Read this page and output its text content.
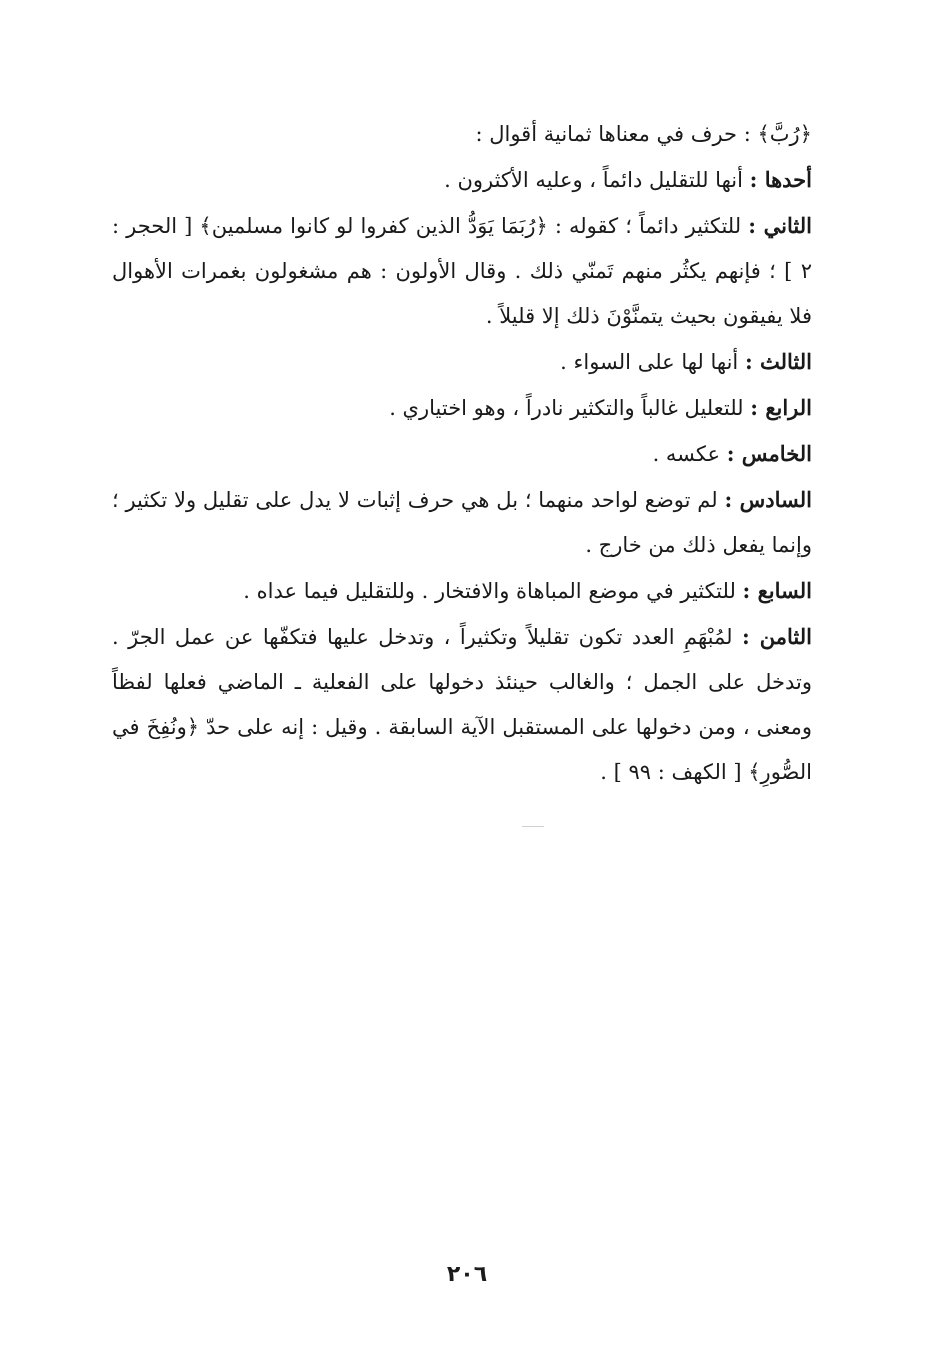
﴿رُبَّ﴾ : حرف في معناها ثمانية أقوال :

أحدها : أنها للتقليل دائماً ، وعليه الأكثرون .

الثاني : للتكثير دائماً ؛ كقوله : ﴿رُبَمَا يَوَدُّ الذين كفروا لو كانوا مسلمين﴾ [ الحجر : ٢ ] ؛ فإنهم يكثُر منهم تَمنّي ذلك . وقال الأولون : هم مشغولون بغمرات الأهوال فلا يفيقون بحيث يتمنَّوْنَ ذلك إلا قليلاً .

الثالث : أنها لها على السواء .

الرابع : للتعليل غالباً والتكثير نادراً ، وهو اختياري .

الخامس : عكسه .

السادس : لم توضع لواحد منهما ؛ بل هي حرف إثبات لا يدل على تقليل ولا تكثير ؛ وإنما يفعل ذلك من خارج .

السابع : للتكثير في موضع المباهاة والافتخار . وللتقليل فيما عداه .

الثامن : لمُبْهَمِ العدد تكون تقليلاً وتكثيراً ، وتدخل عليها فتكفّها عن عمل الجرّ . وتدخل على الجمل ؛ والغالب حينئذ دخولها على الفعلية ـ الماضي فعلها لفظاً ومعنى ، ومن دخولها على المستقبل الآية السابقة . وقيل : إنه على حدّ ﴿ونُفِخَ في الصُّورِ﴾ [ الكهف : ٩٩ ] .

٢٠٦
